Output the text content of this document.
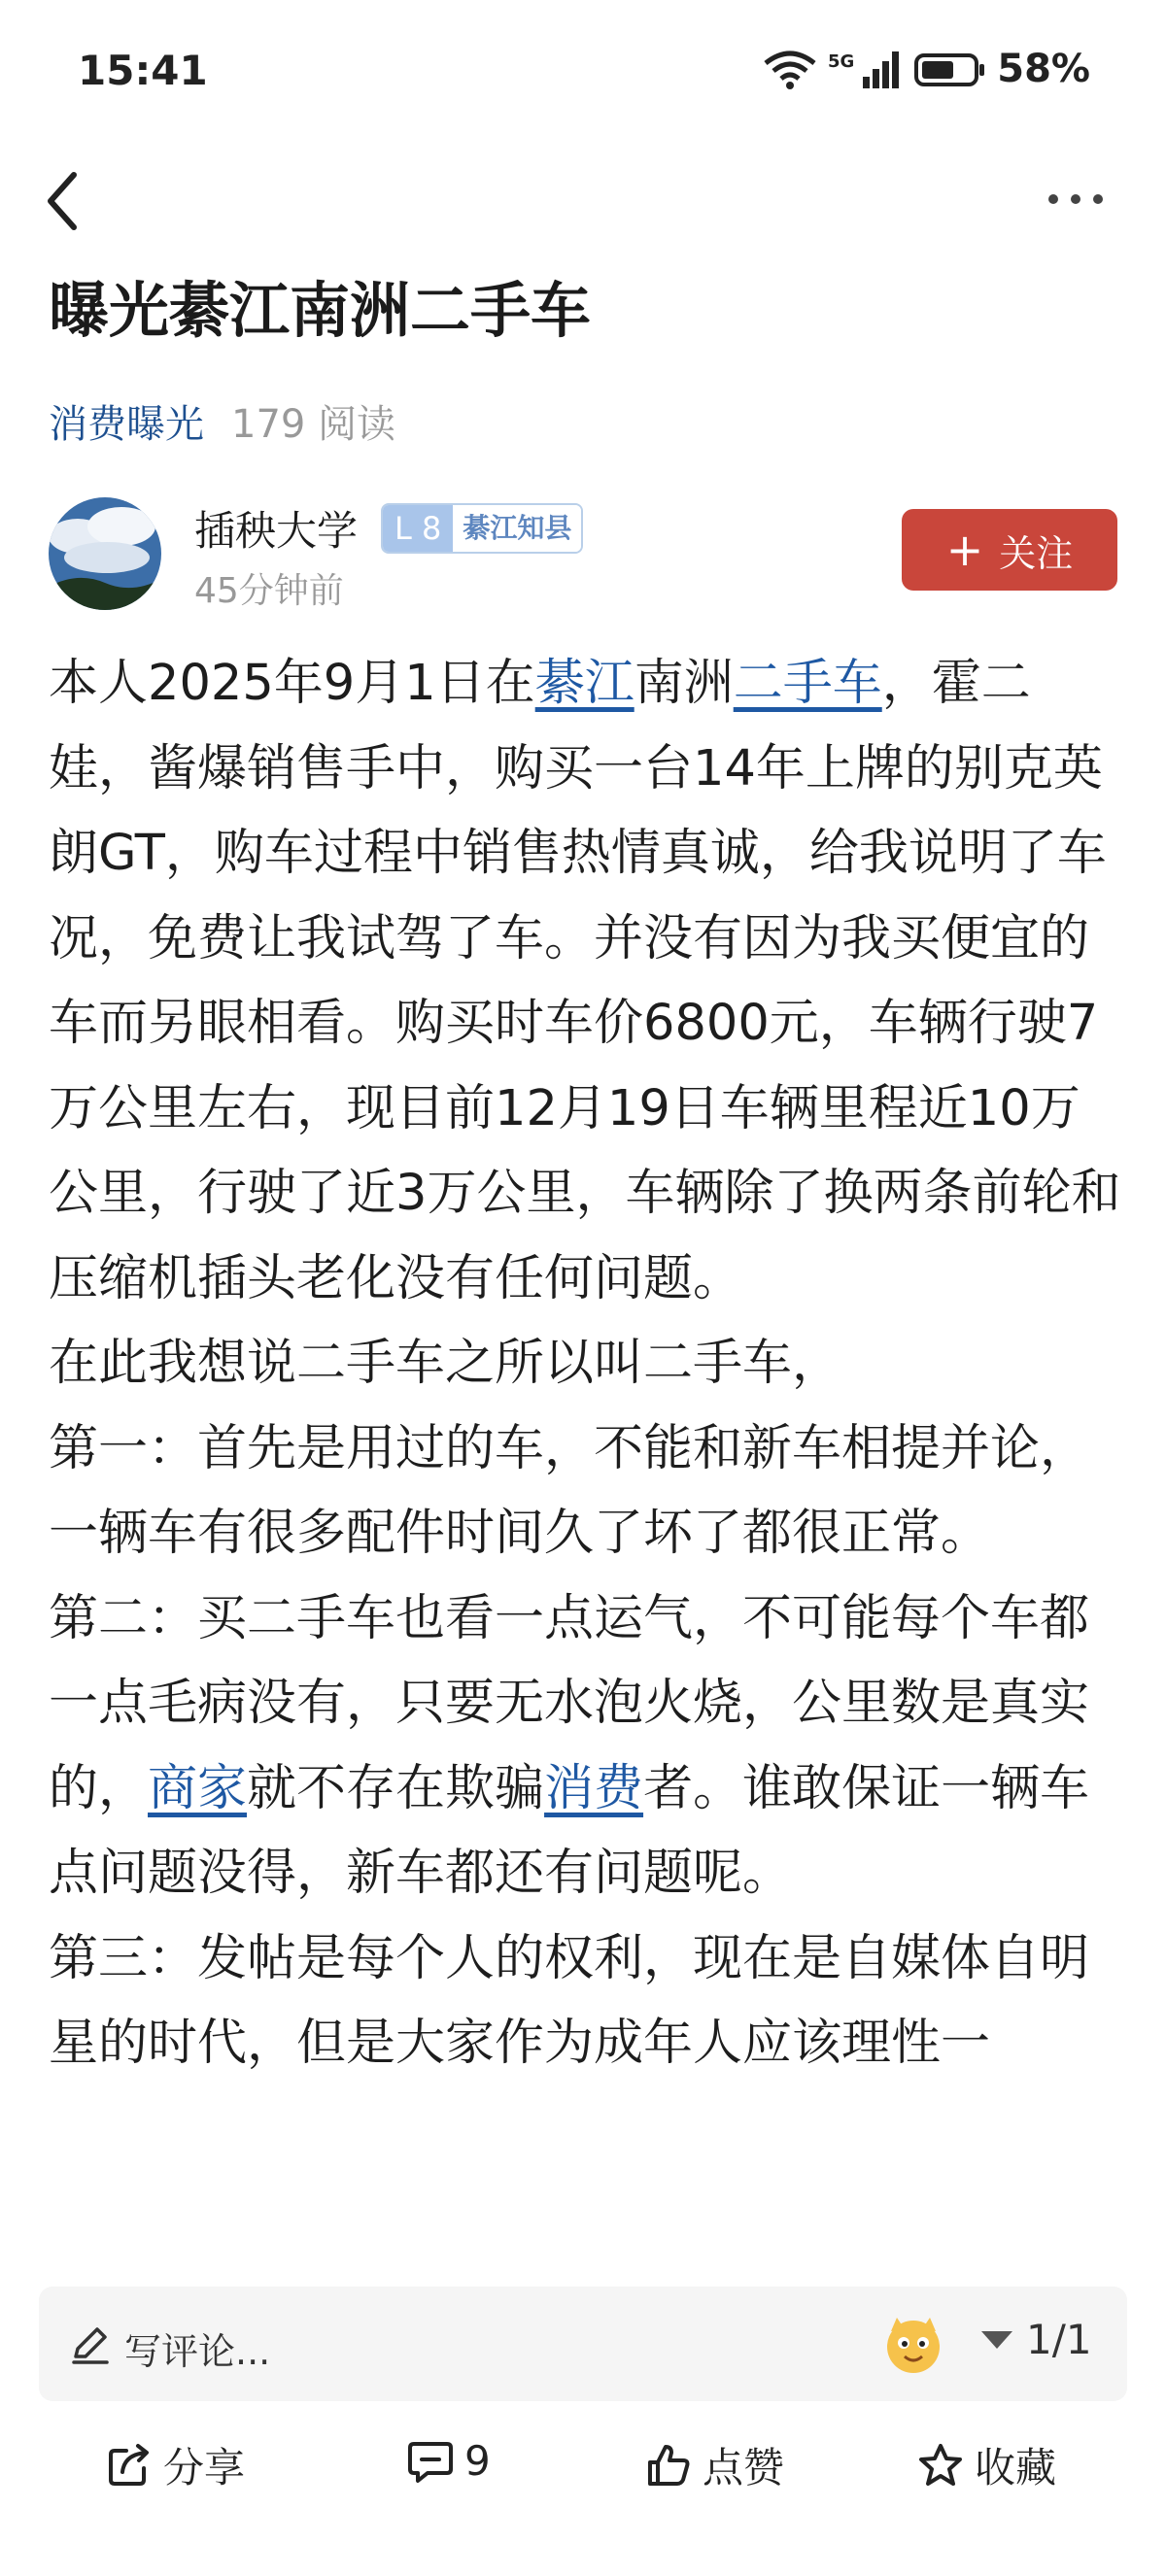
15:41	5G	58%
曝光綦江南洲二手车
消费曝光 179 阅读
插秧大学	L 8 綦江知县
45分钟前
+ 关注

本人2025年9月1日在綦江南洲二手车，霍二娃，酱爆销售手中，购买一台14年上牌的别克英朗GT，购车过程中销售热情真诚，给我说明了车况，免费让我试驾了车。并没有因为我买便宜的车而另眼相看。购买时车价6800元，车辆行驶7万公里左右，现目前12月19日车辆里程近10万公里，行驶了近3万公里，车辆除了换两条前轮和压缩机插头老化没有任何问题。

在此我想说二手车之所以叫二手车，

第一：首先是用过的车，不能和新车相提并论，一辆车有很多配件时间久了坏了都很正常。

第二：买二手车也看一点运气，不可能每个车都一点毛病没有，只要无水泡火烧，公里数是真实的，商家就不存在欺骗消费者。谁敢保证一辆车点问题没得，新车都还有问题呢。

第三：发帖是每个人的权利，现在是自媒体自明星的时代，但是大家作为成年人应该理性一

写评论...	1/1
分享	9	点赞	收藏
